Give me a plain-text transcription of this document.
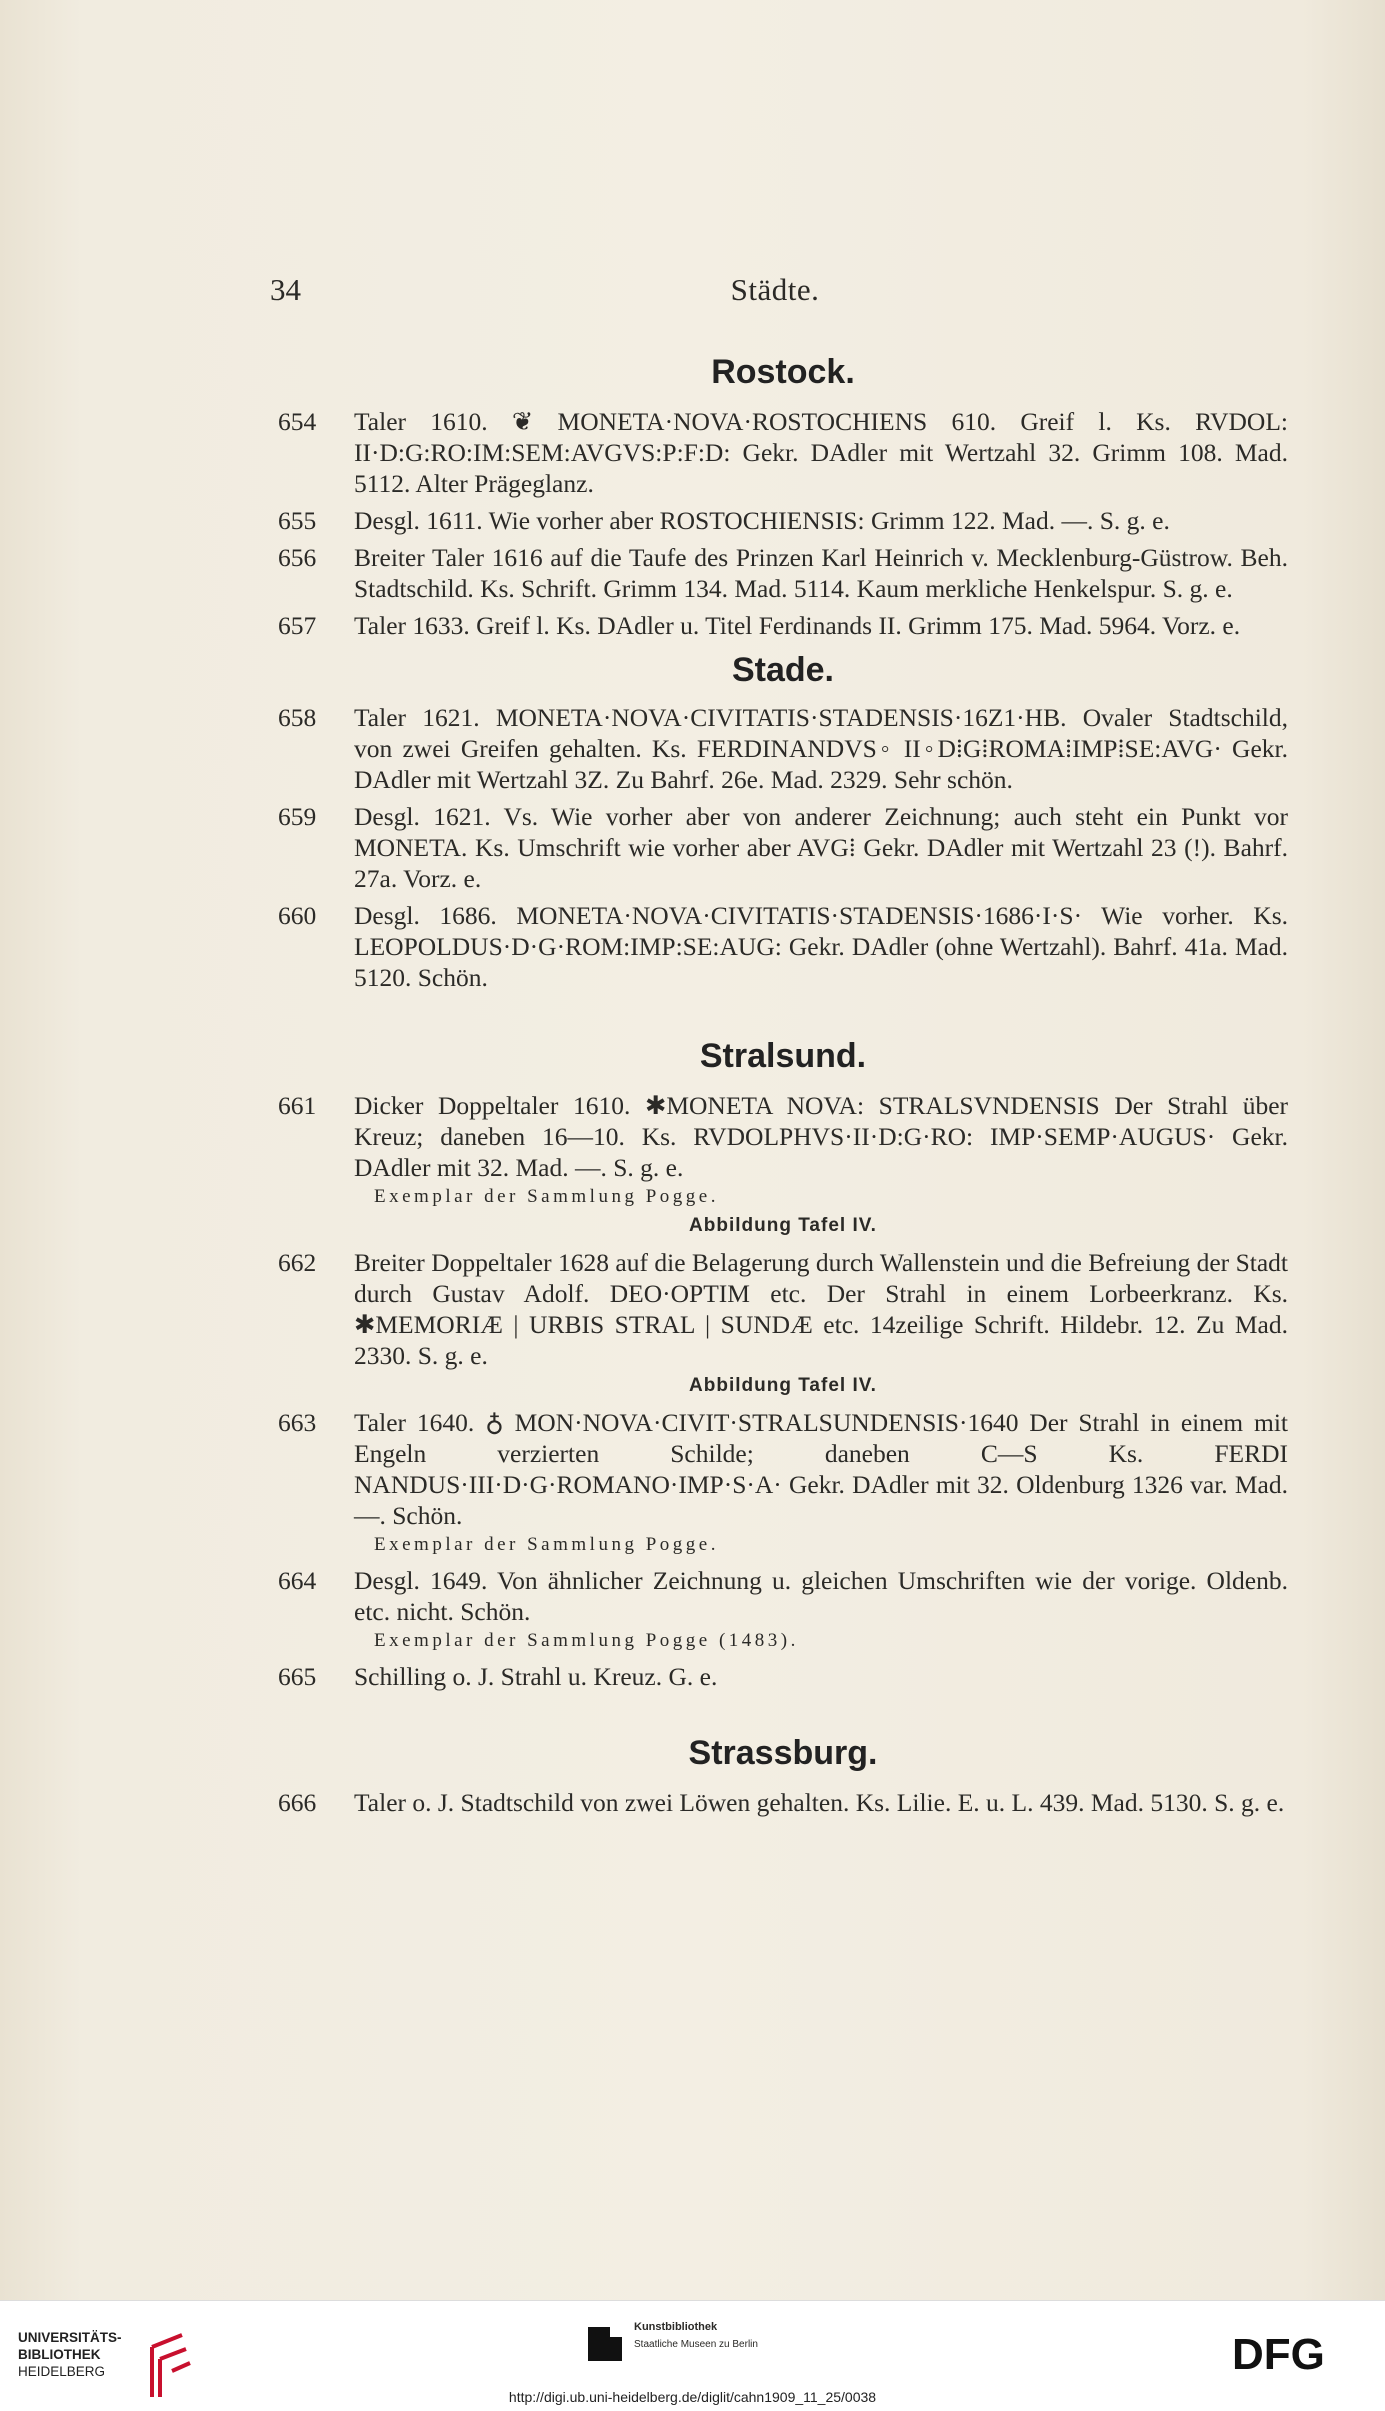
34	Städte.
Rostock.
654 Taler 1610. ❦ MONETA·NOVA·ROSTOCHIENS 610. Greif l. Ks. RVDOL: II·D:G:RO:IM:SEM:AVGVS:P:F:D: Gekr. DAdler mit Wertzahl 32. Grimm 108. Mad. 5112. Alter Prägeglanz.
655 Desgl. 1611. Wie vorher aber ROSTOCHIENSIS: Grimm 122. Mad. —. S. g. e.
656 Breiter Taler 1616 auf die Taufe des Prinzen Karl Heinrich v. Mecklenburg-Güstrow. Beh. Stadtschild. Ks. Schrift. Grimm 134. Mad. 5114. Kaum merkliche Henkelspur. S. g. e.
657 Taler 1633. Greif l. Ks. DAdler u. Titel Ferdinands II. Grimm 175. Mad. 5964. Vorz. e.
Stade.
658 Taler 1621. MONETA·NOVA·CIVITATIS·STADENSIS·16Z1·HB. Ovaler Stadtschild, von zwei Greifen gehalten. Ks. FERDINANDVS◦ II◦D⁞G⁞ROMA⁞IMP⁞SE:AVG· Gekr. DAdler mit Wertzahl 3Z. Zu Bahrf. 26e. Mad. 2329. Sehr schön.
659 Desgl. 1621. Vs. Wie vorher aber von anderer Zeichnung; auch steht ein Punkt vor MONETA. Ks. Umschrift wie vorher aber AVG⁞ Gekr. DAdler mit Wertzahl 23 (!). Bahrf. 27a. Vorz. e.
660 Desgl. 1686. MONETA·NOVA·CIVITATIS·STADENSIS·1686·I·S· Wie vorher. Ks. LEOPOLDUS·D·G·ROM:IMP:SE:AUG: Gekr. DAdler (ohne Wertzahl). Bahrf. 41a. Mad. 5120. Schön.
Stralsund.
661 Dicker Doppeltaler 1610. ✱MONETA NOVA: STRALSVNDENSIS Der Strahl über Kreuz; daneben 16—10. Ks. RVDOLPHVS·II·D:G·RO: IMP·SEMP·AUGUS· Gekr. DAdler mit 32. Mad. —. S. g. e.
Exemplar der Sammlung Pogge.
Abbildung Tafel IV.
662 Breiter Doppeltaler 1628 auf die Belagerung durch Wallenstein und die Befreiung der Stadt durch Gustav Adolf. DEO·OPTIM etc. Der Strahl in einem Lorbeerkranz. Ks. ✱MEMORIÆ | URBIS STRAL | SUNDÆ etc. 14zeilige Schrift. Hildebr. 12. Zu Mad. 2330. S. g. e.
Abbildung Tafel IV.
663 Taler 1640. ♁ MON·NOVA·CIVIT·STRALSUNDENSIS·1640 Der Strahl in einem mit Engeln verzierten Schilde; daneben C—S Ks. FERDI NANDUS·III·D·G·ROMANO·IMP·S·A· Gekr. DAdler mit 32. Oldenburg 1326 var. Mad. —. Schön.
Exemplar der Sammlung Pogge.
664 Desgl. 1649. Von ähnlicher Zeichnung u. gleichen Umschriften wie der vorige. Oldenb. etc. nicht. Schön.
Exemplar der Sammlung Pogge (1483).
665 Schilling o. J. Strahl u. Kreuz. G. e.
Strassburg.
666 Taler o. J. Stadtschild von zwei Löwen gehalten. Ks. Lilie. E. u. L. 439. Mad. 5130. S. g. e.
UNIVERSITÄTS-
BIBLIOTHEK
HEIDELBERG
Kunstbibliothek
Staatliche Museen zu Berlin	DFG
http://digi.ub.uni-heidelberg.de/diglit/cahn1909_11_25/0038
